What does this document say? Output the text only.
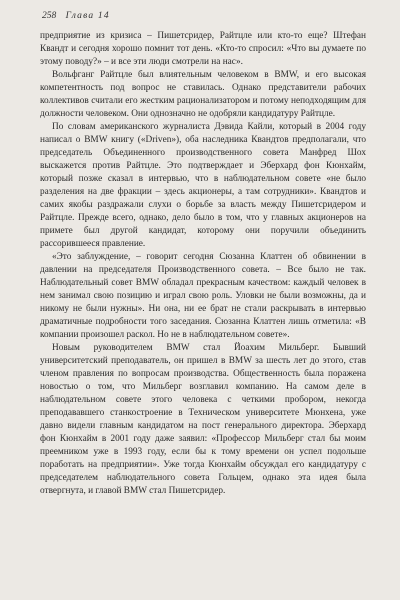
258 Глава 14

предприятие из кризиса – Пишетсридер, Райтцле или кто-то еще? Штефан Квандт и сегодня хорошо помнит тот день. «Кто-то спросил: «Что вы думаете по этому поводу?» – и все эти люди смотрели на нас».

Вольфганг Райтцле был влиятельным человеком в BMW, и его высокая компетентность под вопрос не ставилась. Однако представители рабочих коллективов считали его жестким рационализатором и потому неподходящим для должности человеком. Они однозначно не одобряли кандидатуру Райтцле.

По словам американского журналиста Дэвида Кайли, который в 2004 году написал о BMW книгу («Driven»), оба наследника Квандтов предполагали, что председатель Объединенного производственного совета Манфред Шох выскажется против Райтцле. Это подтверждает и Эберхард фон Кюнхайм, который позже сказал в интервью, что в наблюдательном совете «не было разделения на две фракции – здесь акционеры, а там сотрудники». Квандтов и самих якобы раздражали слухи о борьбе за власть между Пишетсридером и Райтцле. Прежде всего, однако, дело было в том, что у главных акционеров на примете был другой кандидат, которому они поручили объединить рассорившееся правление.

«Это заблуждение, – говорит сегодня Сюзанна Клаттен об обвинении в давлении на председателя Производственного совета. – Все было не так. Наблюдательный совет BMW обладал прекрасным качеством: каждый человек в нем занимал свою позицию и играл свою роль. Уловки не были возможны, да и никому не были нужны». Ни она, ни ее брат не стали раскрывать в интервью драматичные подробности того заседания. Сюзанна Клаттен лишь отметила: «В компании произошел раскол. Но не в наблюдательном совете».

Новым руководителем BMW стал Йоахим Мильберг. Бывший университетский преподаватель, он пришел в BMW за шесть лет до этого, став членом правления по вопросам производства. Общественность была поражена новостью о том, что Мильберг возглавил компанию. На самом деле в наблюдательном совете этого человека с четкими пробором, некогда преподававшего станкостроение в Техническом университете Мюнхена, уже давно видели главным кандидатом на пост генерального директора. Эберхард фон Кюнхайм в 2001 году даже заявил: «Профессор Мильберг стал бы моим преемником уже в 1993 году, если бы к тому времени он успел подольше поработать на предприятии». Уже тогда Кюнхайм обсуждал его кандидатуру с председателем наблюдательного совета Гольцем, однако эта идея была отвергнута, и главой BMW стал Пишетсридер.
